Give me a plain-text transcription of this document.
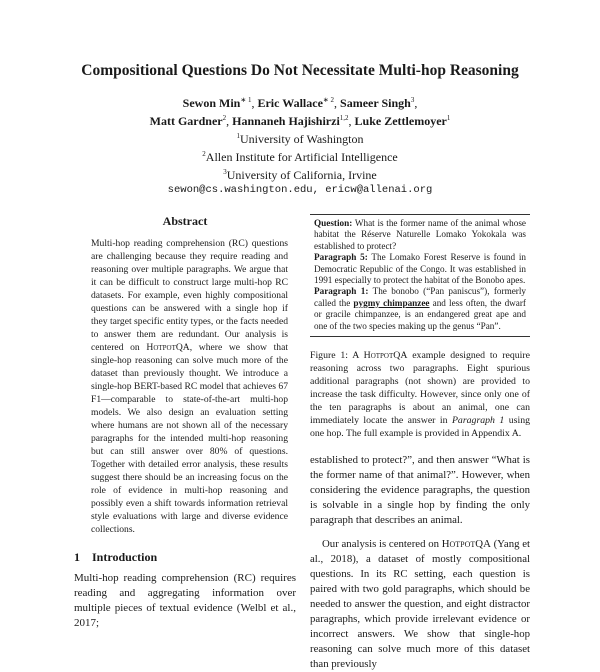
Compositional Questions Do Not Necessitate Multi-hop Reasoning
Sewon Min$^{∗ 1}$, Eric Wallace$^{∗ 2}$, Sameer Singh$^3$,
Matt Gardner$^2$, Hannaneh Hajishirzi$^{1,2}$, Luke Zettlemoyer$^1$
$^1$University of Washington
$^2$Allen Institute for Artificial Intelligence
$^3$University of California, Irvine
sewon@cs.washington.edu, ericw@allenai.org
Abstract
Multi-hop reading comprehension (RC) questions are challenging because they require reading and reasoning over multiple paragraphs. We argue that it can be difficult to construct large multi-hop RC datasets. For example, even highly compositional questions can be answered with a single hop if they target specific entity types, or the facts needed to answer them are redundant. Our analysis is centered on HotpotQA, where we show that single-hop reasoning can solve much more of the dataset than previously thought. We introduce a single-hop BERT-based RC model that achieves 67 F1—comparable to state-of-the-art multi-hop models. We also design an evaluation setting where humans are not shown all of the necessary paragraphs for the intended multi-hop reasoning but can still answer over 80% of questions. Together with detailed error analysis, these results suggest there should be an increasing focus on the role of evidence in multi-hop reasoning and possibly even a shift towards information retrieval style evaluations with large and diverse evidence collections.
1 Introduction
Multi-hop reading comprehension (RC) requires reading and aggregating information over multiple pieces of textual evidence (Welbl et al., 2017;
Question: What is the former name of the animal whose habitat the Réserve Naturelle Lomako Yokokala was established to protect?
Paragraph 5: The Lomako Forest Reserve is found in Democratic Republic of the Congo. It was established in 1991 especially to protect the habitat of the Bonobo apes.
Paragraph 1: The bonobo (“Pan paniscus”), formerly called the pygmy chimpanzee and less often, the dwarf or gracile chimpanzee, is an endangered great ape and one of the two species making up the genus “Pan”.
Figure 1: A HotpotQA example designed to require reasoning across two paragraphs. Eight spurious additional paragraphs (not shown) are provided to increase the task difficulty. However, since only one of the ten paragraphs is about an animal, one can immediately locate the answer in Paragraph 1 using one hop. The full example is provided in Appendix A.
established to protect?”, and then answer “What is the former name of that animal?”. However, when considering the evidence paragraphs, the question is solvable in a single hop by finding the only paragraph that describes an animal.
Our analysis is centered on HotpotQA (Yang et al., 2018), a dataset of mostly compositional questions. In its RC setting, each question is paired with two gold paragraphs, which should be needed to answer the question, and eight distractor paragraphs, which provide irrelevant evidence or incorrect answers. We show that single-hop reasoning can solve much more of this dataset than previously
